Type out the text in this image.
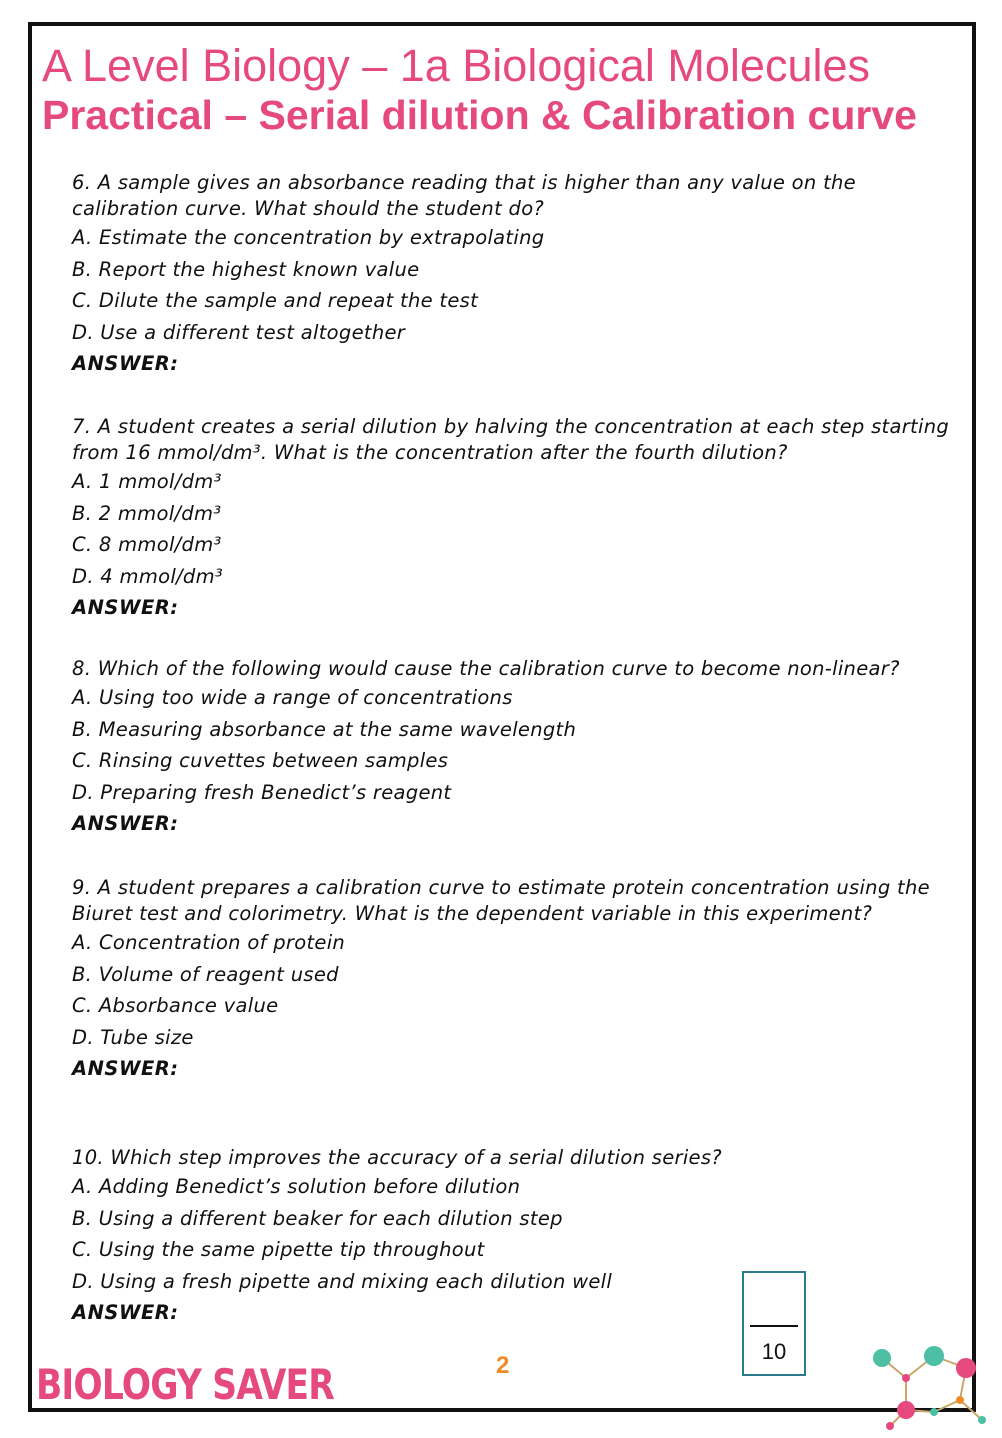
A Level Biology – 1a Biological Molecules
Practical – Serial dilution & Calibration curve
6. A sample gives an absorbance reading that is higher than any value on the calibration curve. What should the student do?
A. Estimate the concentration by extrapolating
B. Report the highest known value
C. Dilute the sample and repeat the test
D. Use a different test altogether
ANSWER:
7. A student creates a serial dilution by halving the concentration at each step starting from 16 mmol/dm³. What is the concentration after the fourth dilution?
A. 1 mmol/dm³
B. 2 mmol/dm³
C. 8 mmol/dm³
D. 4 mmol/dm³
ANSWER:
8. Which of the following would cause the calibration curve to become non-linear?
A. Using too wide a range of concentrations
B. Measuring absorbance at the same wavelength
C. Rinsing cuvettes between samples
D. Preparing fresh Benedict’s reagent
ANSWER:
9. A student prepares a calibration curve to estimate protein concentration using the Biuret test and colorimetry. What is the dependent variable in this experiment?
A. Concentration of protein
B. Volume of reagent used
C. Absorbance value
D. Tube size
ANSWER:
10. Which step improves the accuracy of a serial dilution series?
A. Adding Benedict’s solution before dilution
B. Using a different beaker for each dilution step
C. Using the same pipette tip throughout
D. Using a fresh pipette and mixing each dilution well
ANSWER:
10
BIOLOGY SAVER	2
